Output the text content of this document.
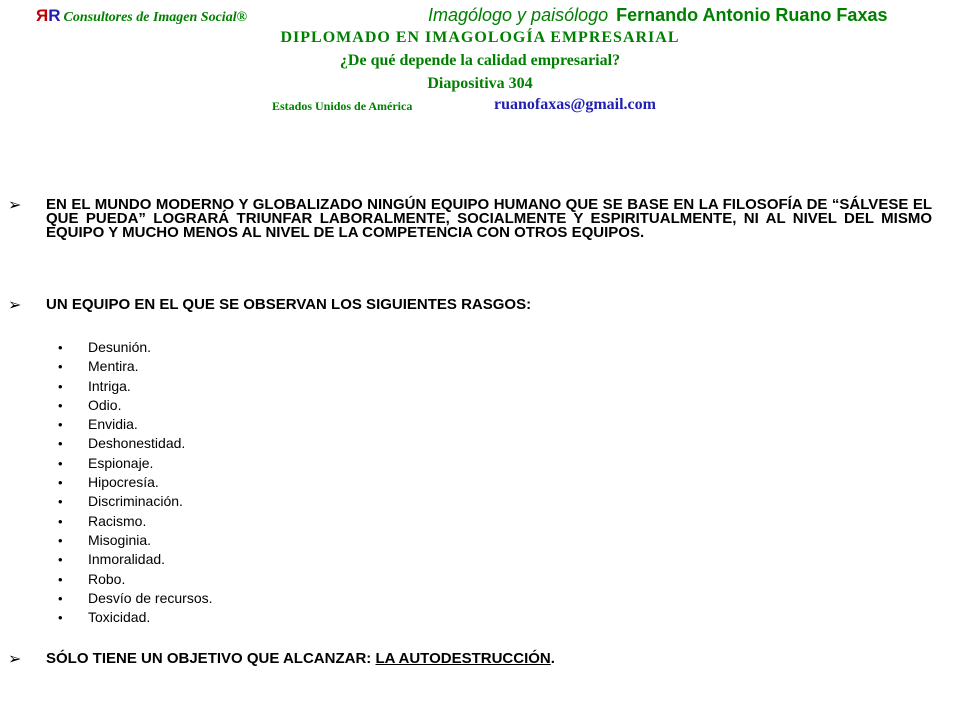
ЯR Consultores de Imagen Social®	Imagólogo y paisólogo Fernando Antonio Ruano Faxas
DIPLOMADO EN IMAGOLOGÍA EMPRESARIAL
¿De qué depende la calidad empresarial?
Diapositiva 304
Estados Unidos de América	ruanofaxas@gmail.com
➢ EN EL MUNDO MODERNO Y GLOBALIZADO NINGÚN EQUIPO HUMANO QUE SE BASE EN LA FILOSOFÍA DE “SÁLVESE EL QUE PUEDA” LOGRARÁ TRIUNFAR LABORALMENTE, SOCIALMENTE Y ESPIRITUALMENTE, NI AL NIVEL DEL MISMO EQUIPO Y MUCHO MENOS AL NIVEL DE LA COMPETENCIA CON OTROS EQUIPOS.
➢ UN EQUIPO EN EL QUE SE OBSERVAN LOS SIGUIENTES RASGOS:
• Desunión.
• Mentira.
• Intriga.
• Odio.
• Envidia.
• Deshonestidad.
• Espionaje.
• Hipocresía.
• Discriminación.
• Racismo.
• Misoginia.
• Inmoralidad.
• Robo.
• Desvío de recursos.
• Toxicidad.
➢ SÓLO TIENE UN OBJETIVO QUE ALCANZAR: LA AUTODESTRUCCIÓN.
